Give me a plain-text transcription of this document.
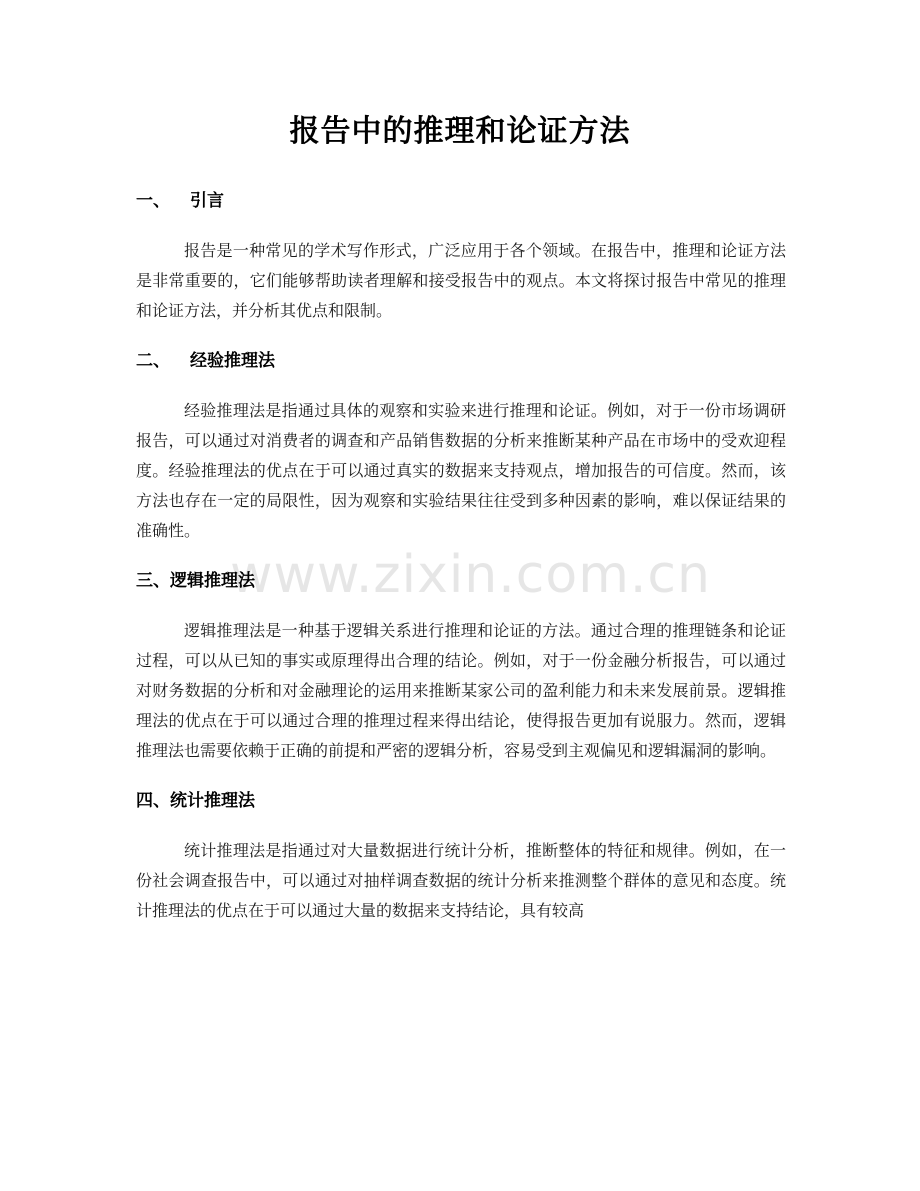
www.zixin.com.cn
报告中的推理和论证方法
一、 引言

报告是一种常见的学术写作形式，广泛应用于各个领域。在报告中，推理和论证方法是非常重要的，它们能够帮助读者理解和接受报告中的观点。本文将探讨报告中常见的推理和论证方法，并分析其优点和限制。

二、 经验推理法

经验推理法是指通过具体的观察和实验来进行推理和论证。例如，对于一份市场调研报告，可以通过对消费者的调查和产品销售数据的分析来推断某种产品在市场中的受欢迎程度。经验推理法的优点在于可以通过真实的数据来支持观点，增加报告的可信度。然而，该方法也存在一定的局限性，因为观察和实验结果往往受到多种因素的影响，难以保证结果的准确性。

三、逻辑推理法

逻辑推理法是一种基于逻辑关系进行推理和论证的方法。通过合理的推理链条和论证过程，可以从已知的事实或原理得出合理的结论。例如，对于一份金融分析报告，可以通过对财务数据的分析和对金融理论的运用来推断某家公司的盈利能力和未来发展前景。逻辑推理法的优点在于可以通过合理的推理过程来得出结论，使得报告更加有说服力。然而，逻辑推理法也需要依赖于正确的前提和严密的逻辑分析，容易受到主观偏见和逻辑漏洞的影响。

四、统计推理法

统计推理法是指通过对大量数据进行统计分析，推断整体的特征和规律。例如，在一份社会调查报告中，可以通过对抽样调查数据的统计分析来推测整个群体的意见和态度。统计推理法的优点在于可以通过大量的数据来支持结论，具有较高
